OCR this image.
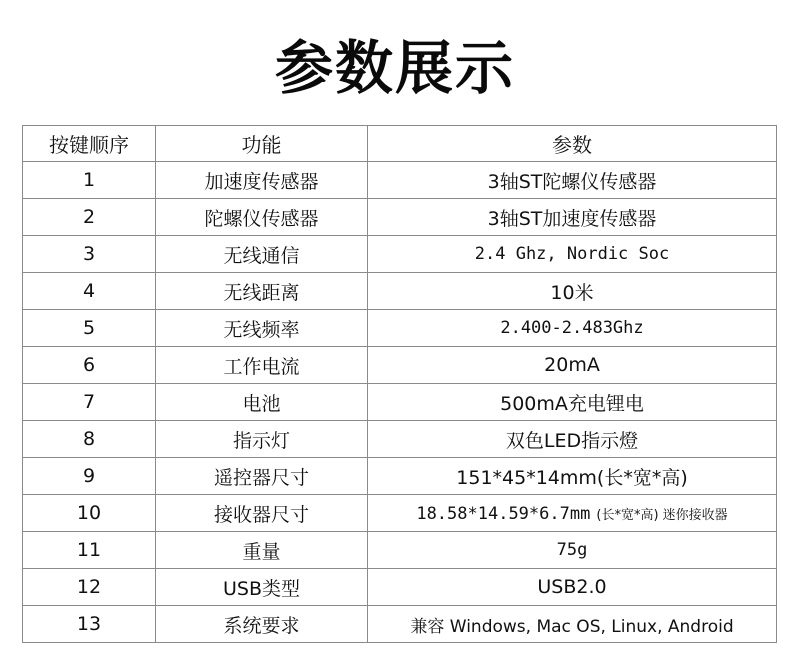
参数展示
按键顺序	功能	参数
1	加速度传感器	3轴ST陀螺仪传感器
2	陀螺仪传感器	3轴ST加速度传感器
3	无线通信	2.4 Ghz, Nordic Soc
4	无线距离	10米
5	无线频率	2.400-2.483Ghz
6	工作电流	20mA
7	电池	500mA充电锂电
8	指示灯	双色LED指示燈
9	遥控器尺寸	151*45*14mm(长*宽*高)
10	接收器尺寸	18.58*14.59*6.7mm (长*宽*高) 迷你接收器
11	重量	75g
12	USB类型	USB2.0
13	系统要求	兼容 Windows, Mac OS, Linux, Android
